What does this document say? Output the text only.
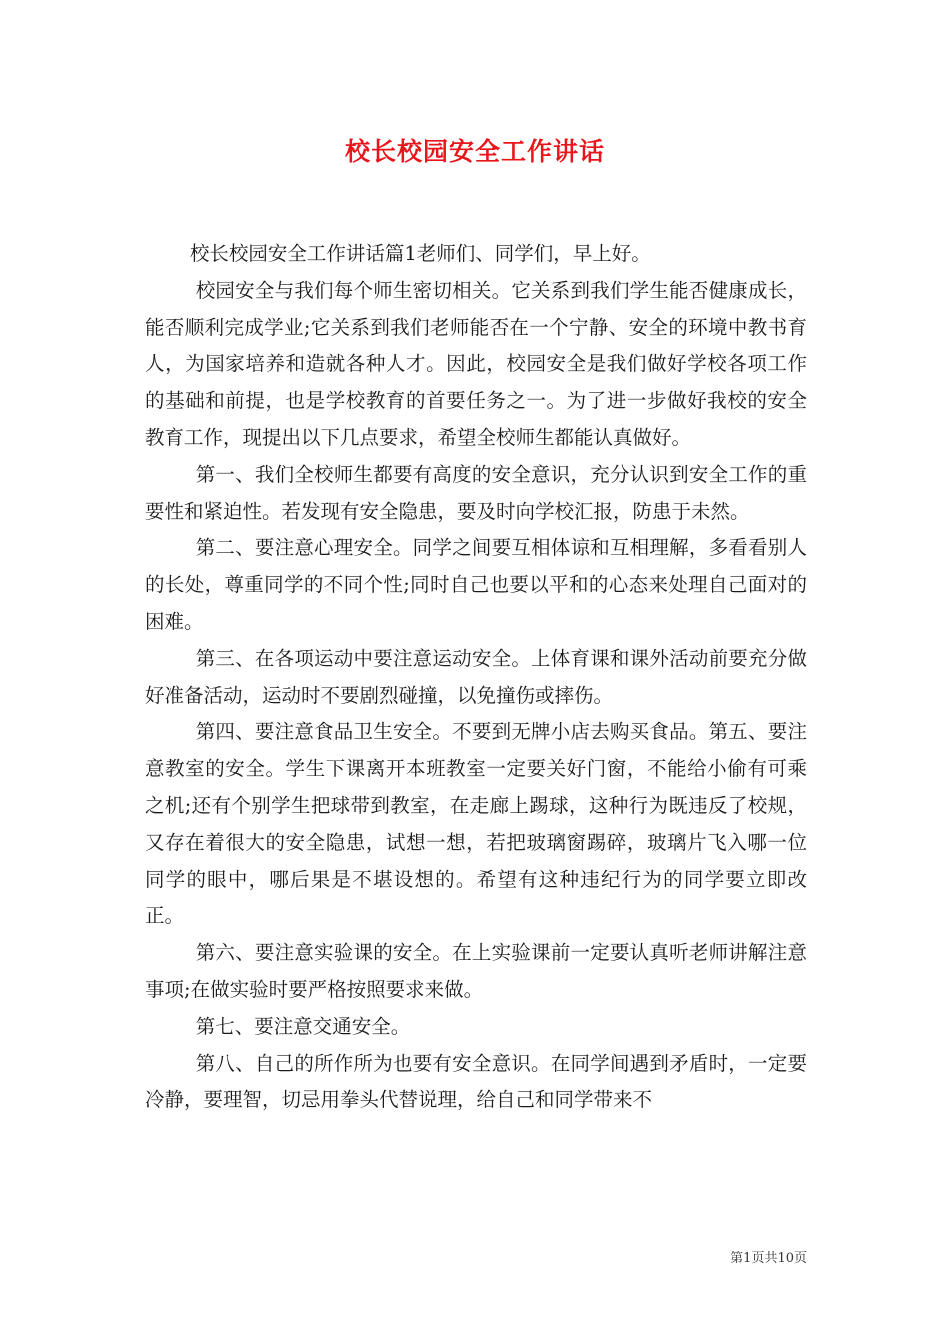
校长校园安全工作讲话

校长校园安全工作讲话篇1老师们、同学们，早上好。

校园安全与我们每个师生密切相关。它关系到我们学生能否健康成长，能否顺利完成学业;它关系到我们老师能否在一个宁静、安全的环境中教书育人，为国家培养和造就各种人才。因此，校园安全是我们做好学校各项工作的基础和前提，也是学校教育的首要任务之一。为了进一步做好我校的安全教育工作，现提出以下几点要求，希望全校师生都能认真做好。

第一、我们全校师生都要有高度的安全意识，充分认识到安全工作的重要性和紧迫性。若发现有安全隐患，要及时向学校汇报，防患于未然。

第二、要注意心理安全。同学之间要互相体谅和互相理解，多看看别人的长处，尊重同学的不同个性;同时自己也要以平和的心态来处理自己面对的困难。

第三、在各项运动中要注意运动安全。上体育课和课外活动前要充分做好准备活动，运动时不要剧烈碰撞，以免撞伤或摔伤。

第四、要注意食品卫生安全。不要到无牌小店去购买食品。第五、要注意教室的安全。学生下课离开本班教室一定要关好门窗，不能给小偷有可乘之机;还有个别学生把球带到教室，在走廊上踢球，这种行为既违反了校规，又存在着很大的安全隐患，试想一想，若把玻璃窗踢碎，玻璃片飞入哪一位同学的眼中，哪后果是不堪设想的。希望有这种违纪行为的同学要立即改正。

第六、要注意实验课的安全。在上实验课前一定要认真听老师讲解注意事项;在做实验时要严格按照要求来做。

第七、要注意交通安全。

第八、自己的所作所为也要有安全意识。在同学间遇到矛盾时，一定要冷静，要理智，切忌用拳头代替说理，给自己和同学带来不

第1页共10页
